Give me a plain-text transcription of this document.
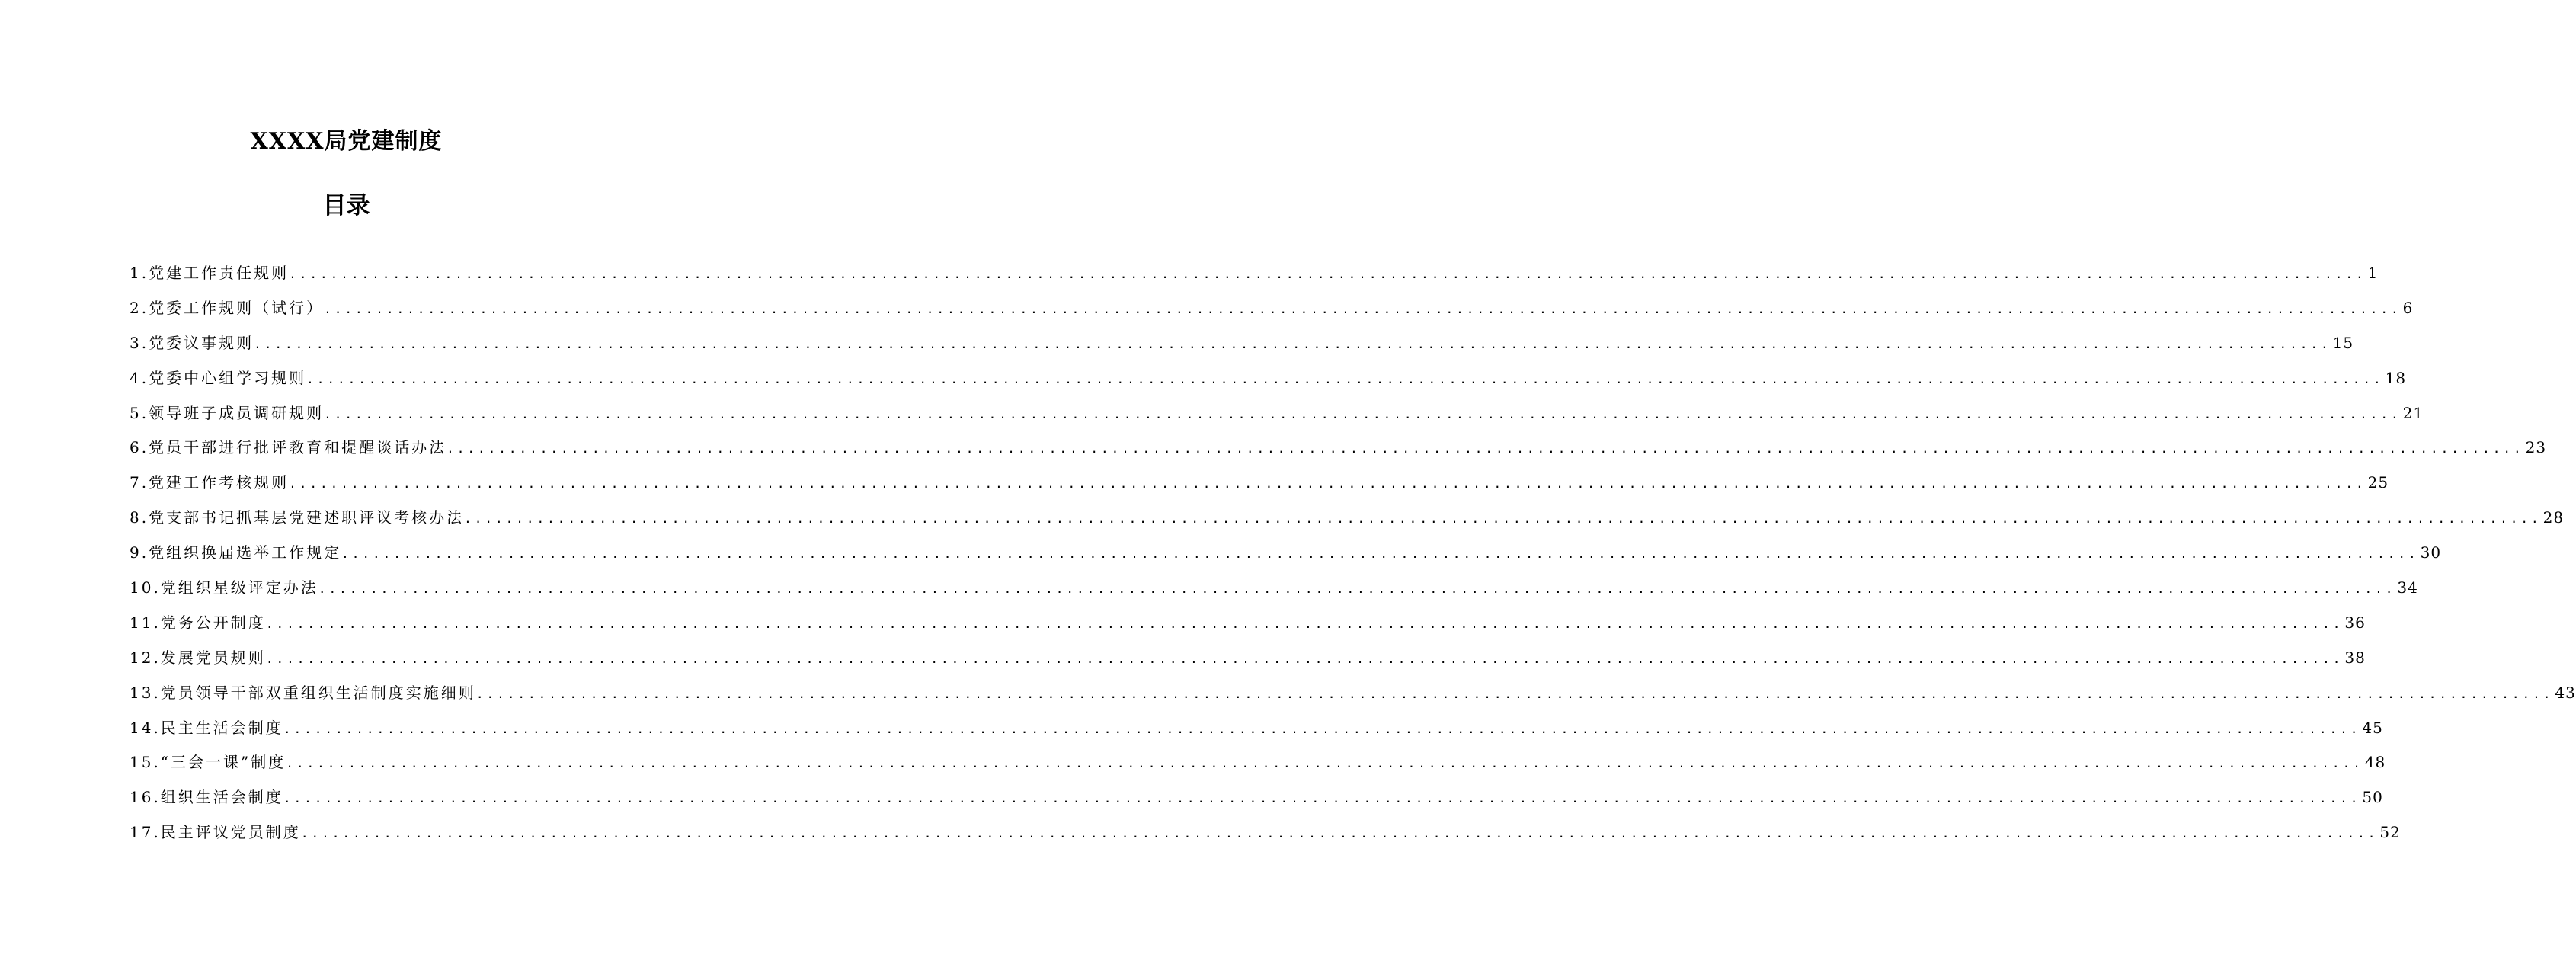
XXXX局党建制度
目录
1.党建工作责任规则 ........................................................................................................................................................................................................ 1
2.党委工作规则（试行） ........................................................................................................................................................................................................ 6
3.党委议事规则 ........................................................................................................................................................................................................ 15
4.党委中心组学习规则 ........................................................................................................................................................................................................ 18
5.领导班子成员调研规则 ........................................................................................................................................................................................................ 21
6.党员干部进行批评教育和提醒谈话办法 ........................................................................................................................................................................................................ 23
7.党建工作考核规则 ........................................................................................................................................................................................................ 25
8.党支部书记抓基层党建述职评议考核办法 ........................................................................................................................................................................................................ 28
9.党组织换届选举工作规定 ........................................................................................................................................................................................................ 30
10.党组织星级评定办法 ........................................................................................................................................................................................................ 34
11.党务公开制度 ........................................................................................................................................................................................................ 36
12.发展党员规则 ........................................................................................................................................................................................................ 38
13.党员领导干部双重组织生活制度实施细则 ........................................................................................................................................................................................................ 43
14.民主生活会制度 ........................................................................................................................................................................................................ 45
15.“三会一课”制度 ........................................................................................................................................................................................................ 48
16.组织生活会制度 ........................................................................................................................................................................................................ 50
17.民主评议党员制度 ........................................................................................................................................................................................................ 52
